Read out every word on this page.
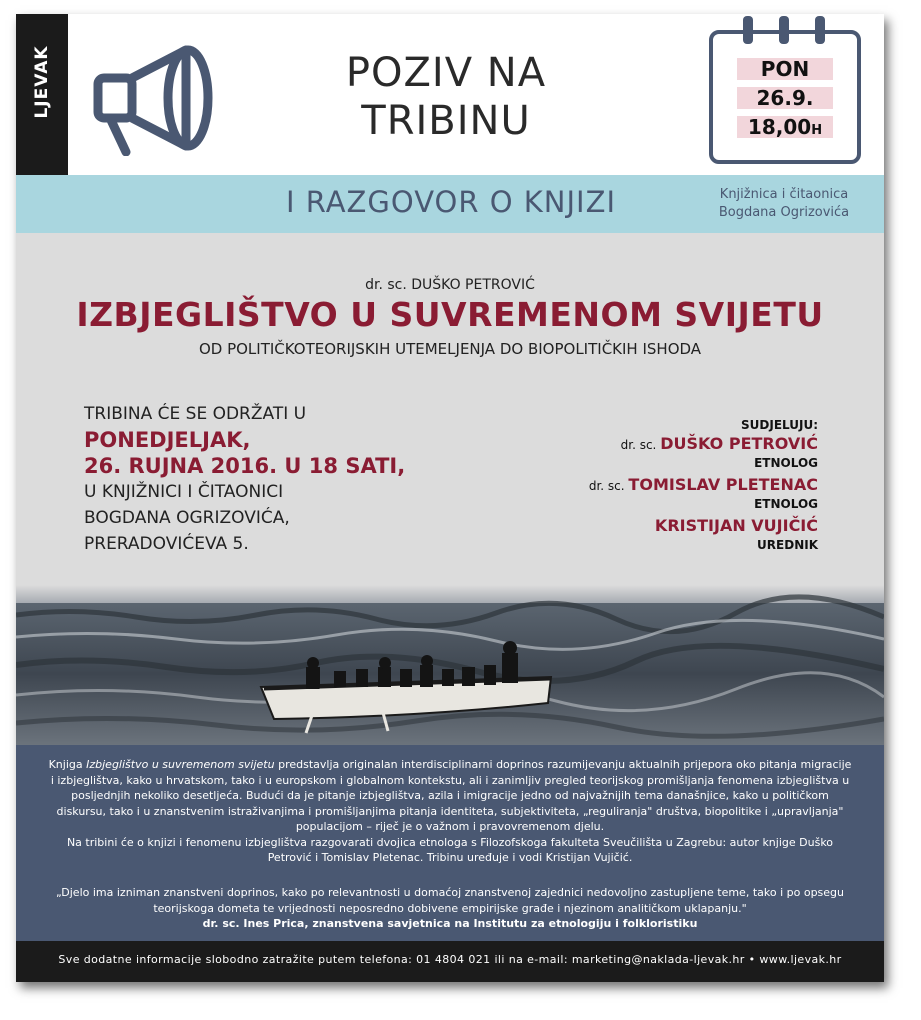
LJEVAK	POZIV NA
TRIBINU
PON
26.9.
18,00H
I RAZGOVOR O KNJIZI	Knjižnica i čitaonica
Bogdana Ogrizovića
dr. sc. DUŠKO PETROVIĆ
IZBJEGLIŠTVO U SUVREMENOM SVIJETU
OD POLITIČKOTEORIJSKIH UTEMELJENJA DO BIOPOLITIČKIH ISHODA
TRIBINA ĆE SE ODRŽATI U
PONEDJELJAK,
26. RUJNA 2016. U 18 SATI,
U KNJIŽNICI I ČITAONICI
BOGDANA OGRIZOVIĆA,
PRERADOVIĆEVA 5.
SUDJELUJU:
dr. sc. DUŠKO PETROVIĆ
ETNOLOG
dr. sc. TOMISLAV PLETENAC
ETNOLOG
KRISTIJAN VUJIČIĆ
UREDNIK
Knjiga Izbjeglištvo u suvremenom svijetu predstavlja originalan interdisciplinarni doprinos razumijevanju aktualnih prijepora oko pitanja migracije i izbjeglištva, kako u hrvatskom, tako i u europskom i globalnom kontekstu, ali i zanimljiv pregled teorijskog promišljanja fenomena izbjeglištva u posljednjih nekoliko desetljeća. Budući da je pitanje izbjeglištva, azila i imigracije jedno od najvažnijih tema današnjice, kako u političkom diskursu, tako i u znanstvenim istraživanjima i promišljanjima pitanja identiteta, subjektiviteta, „reguliranja" društva, biopolitike i „upravljanja" populacijom – riječ je o važnom i pravovremenom djelu.
Na tribini će o knjizi i fenomenu izbjeglištva razgovarati dvojica etnologa s Filozofskoga fakulteta Sveučilišta u Zagrebu: autor knjige Duško Petrović i Tomislav Pletenac. Tribinu uređuje i vodi Kristijan Vujičić.
„Djelo ima izniman znanstveni doprinos, kako po relevantnosti u domaćoj znanstvenoj zajednici nedovoljno zastupljene teme, tako i po opsegu teorijskoga dometa te vrijednosti neposredno dobivene empirijske građe i njezinom analitičkom uklapanju."
dr. sc. Ines Prica, znanstvena savjetnica na Institutu za etnologiju i folkloristiku
Sve dodatne informacije slobodno zatražite putem telefona: 01 4804 021 ili na e-mail: marketing@naklada-ljevak.hr • www.ljevak.hr
